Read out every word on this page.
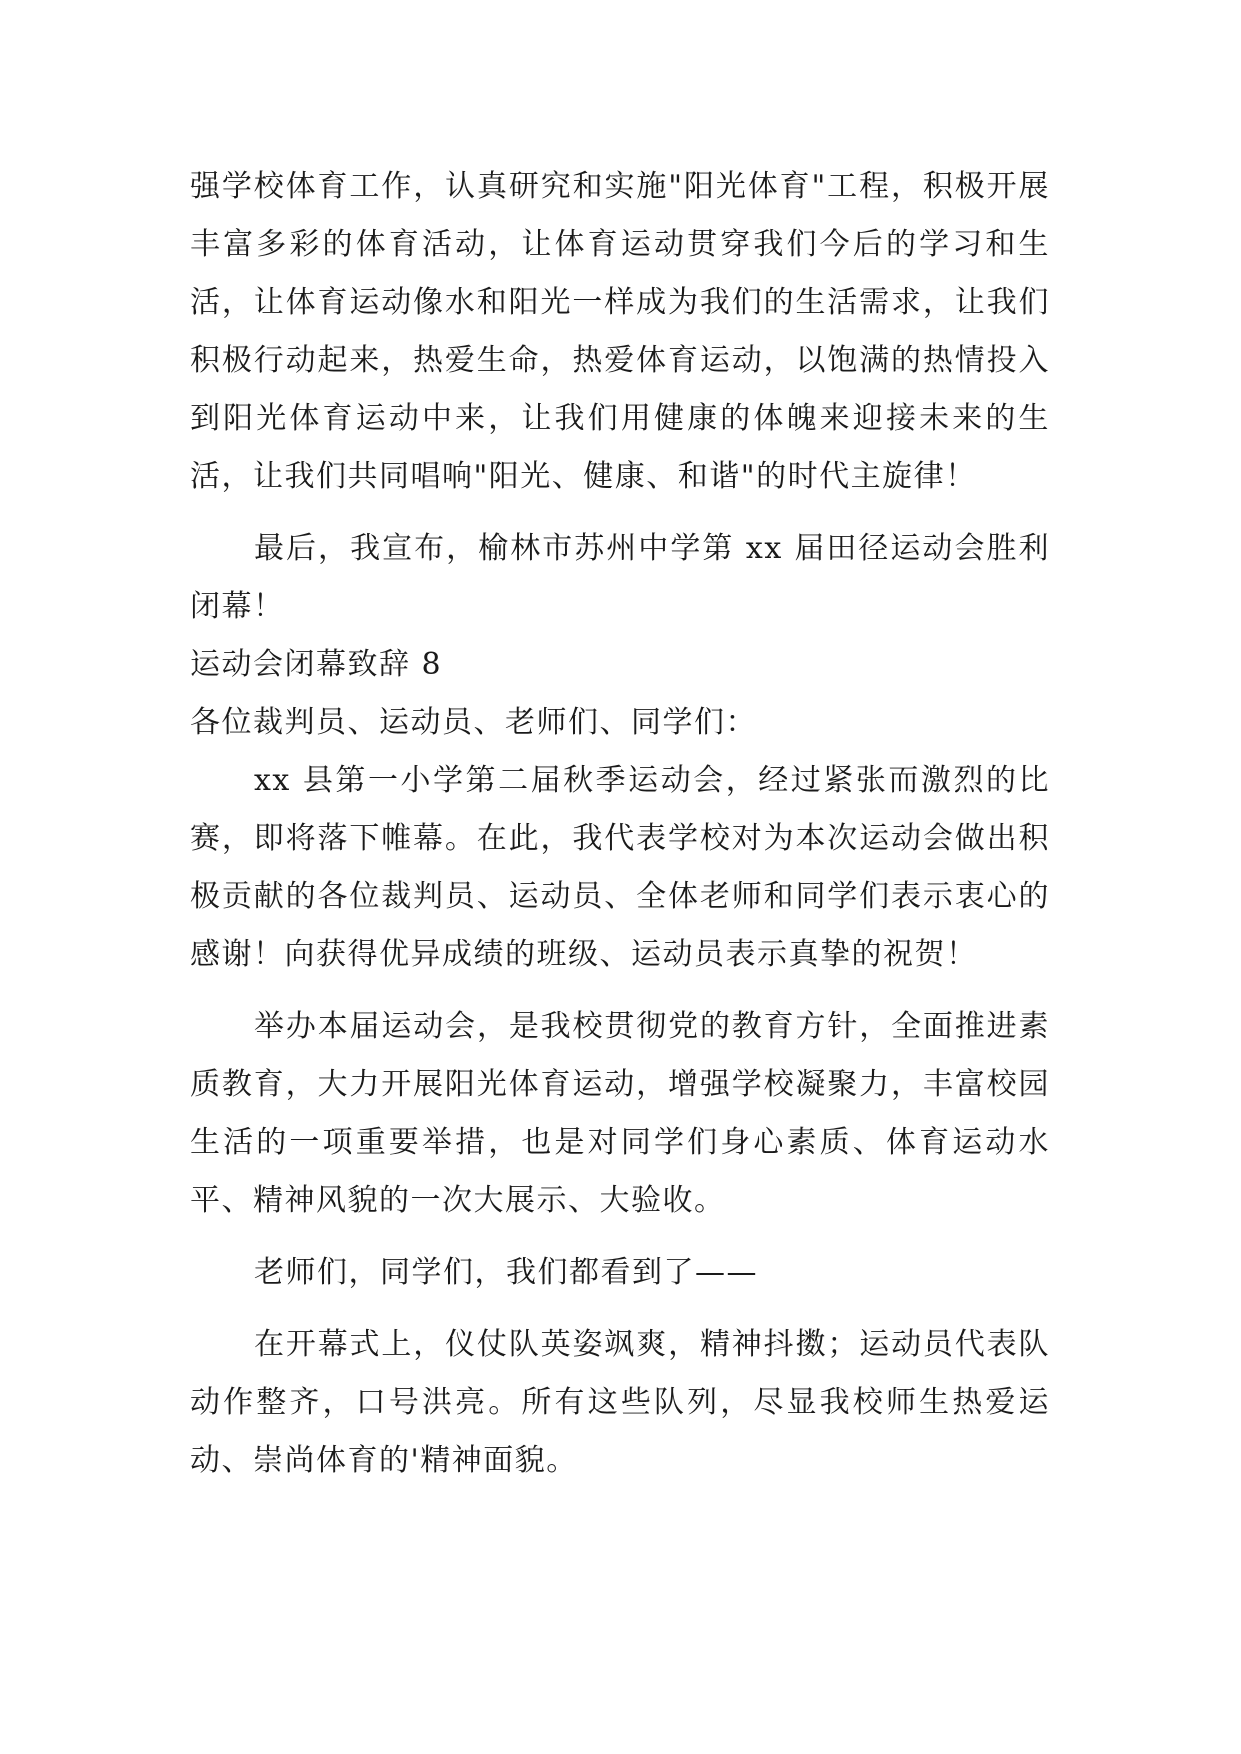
强学校体育工作，认真研究和实施"阳光体育"工程，积极开展丰富多彩的体育活动，让体育运动贯穿我们今后的学习和生活，让体育运动像水和阳光一样成为我们的生活需求，让我们积极行动起来，热爱生命，热爱体育运动，以饱满的热情投入到阳光体育运动中来，让我们用健康的体魄来迎接未来的生活，让我们共同唱响"阳光、健康、和谐"的时代主旋律！

最后，我宣布，榆林市苏州中学第 xx 届田径运动会胜利闭幕！

运动会闭幕致辞 8

各位裁判员、运动员、老师们、同学们：

xx 县第一小学第二届秋季运动会，经过紧张而激烈的比赛，即将落下帷幕。在此，我代表学校对为本次运动会做出积极贡献的各位裁判员、运动员、全体老师和同学们表示衷心的感谢！向获得优异成绩的班级、运动员表示真挚的祝贺！

举办本届运动会，是我校贯彻党的教育方针，全面推进素质教育，大力开展阳光体育运动，增强学校凝聚力，丰富校园生活的一项重要举措，也是对同学们身心素质、体育运动水平、精神风貌的一次大展示、大验收。

老师们，同学们，我们都看到了——

在开幕式上，仪仗队英姿飒爽，精神抖擞；运动员代表队动作整齐，口号洪亮。所有这些队列，尽显我校师生热爱运动、崇尚体育的'精神面貌。
